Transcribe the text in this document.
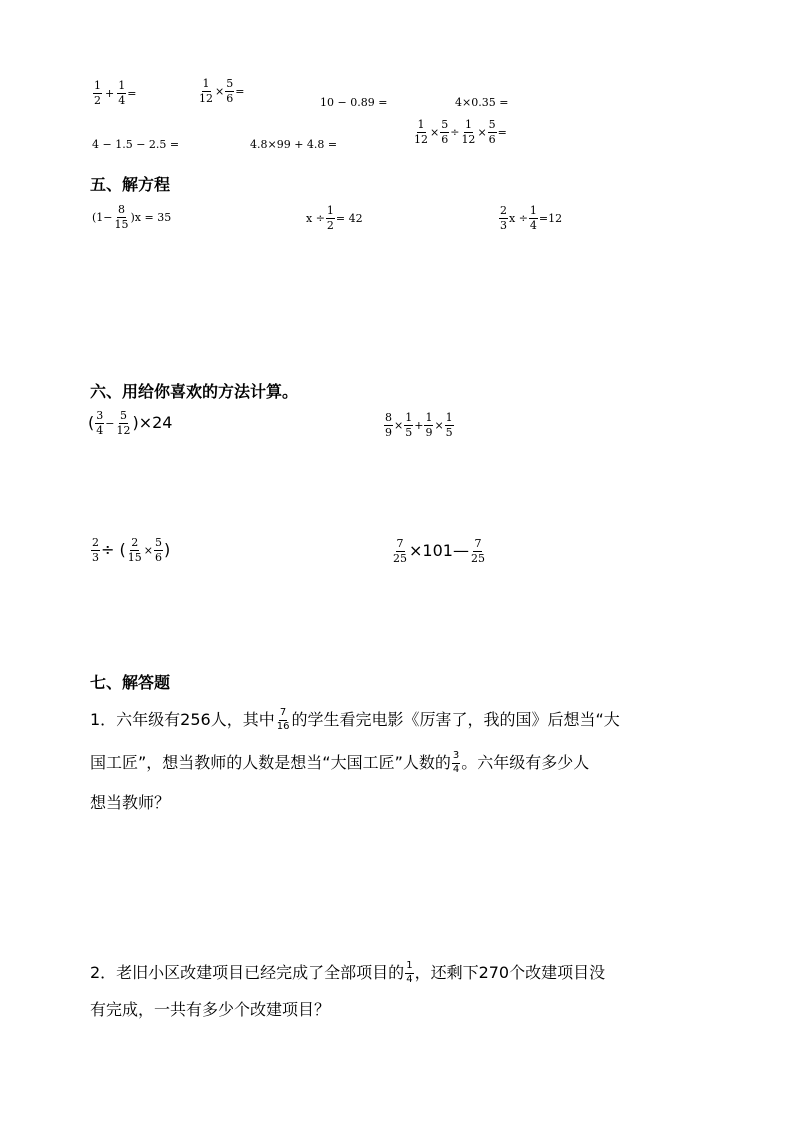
$\frac{1}{2} + \frac{1}{4}$ =	$\frac{1}{12} \times \frac{5}{6}$ =
10 − 0.89 =	4×0.35 =
4 − 1.5 − 2.5 =	4.8×99 + 4.8 =	$\frac{1}{12} \times \frac{5}{6} \div \frac{1}{12} \times \frac{5}{6}$ =
五、解方程
$(1- \frac{8}{15} )x = 35$	$x \div \frac{1}{2} = 42$	$\frac{2}{3}$ $x \div \frac{1}{4} =12$
六、用给你喜欢的方法计算。
( $\frac{3}{4} - \frac{5}{12}$ ) ×24	$\frac{8}{9} \times \frac{1}{5} + \frac{1}{9} \times \frac{1}{5}$
$\frac{2}{3}$ ÷ ( $\frac{2}{15} \times \frac{5}{6}$ )	$\frac{7}{25}$ ×101— $\frac{7}{25}$
七、解答题
1．六年级有256人，其中 $\frac{7}{16}$ 的学生看完电影《厉害了，我的国》后想当“大
国工匠”，想当教师的人数是想当“大国工匠”人数的 $\frac{3}{4}$ 。六年级有多少人
想当教师？
2．老旧小区改建项目已经完成了全部项目的 $\frac{1}{4}$ ，还剩下270个改建项目没
有完成，一共有多少个改建项目？
